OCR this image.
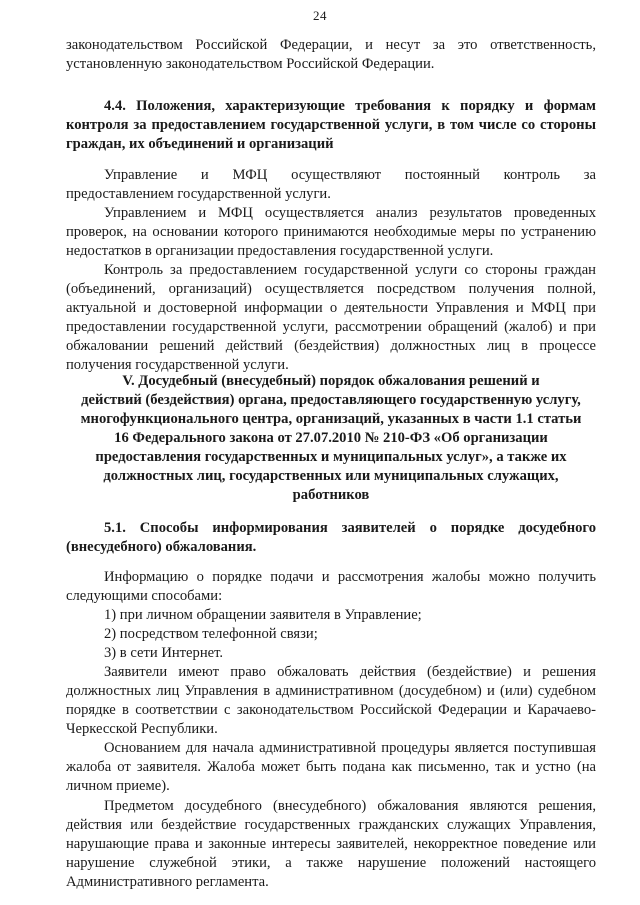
24
законодательством Российской Федерации, и несут за это ответственность,
установленную законодательством Российской Федерации.

4.4. Положения, характеризующие требования к порядку и формам контроля за предоставлением государственной услуги, в том числе со стороны граждан, их объединений и организаций

Управление    и    МФЦ    осуществляют    постоянный    контроль    за
предоставлением государственной услуги.

Управлением и МФЦ осуществляется анализ результатов проведенных проверок, на основании которого принимаются необходимые меры по устранению недостатков в организации предоставления государственной услуги.

Контроль за предоставлением государственной услуги со стороны граждан (объединений, организаций) осуществляется посредством получения полной, актуальной и достоверной информации о деятельности Управления и МФЦ при предоставлении государственной услуги, рассмотрении обращений (жалоб) и при обжаловании решений действий (бездействия) должностных лиц в процессе получения государственной услуги.

V. Досудебный (внесудебный) порядок обжалования решений и
действий (бездействия) органа, предоставляющего государственную услугу,
многофункционального центра, организаций, указанных в части 1.1 статьи
16 Федерального закона от 27.07.2010 № 210-ФЗ «Об организации
предоставления государственных и муниципальных услуг», а также их
должностных лиц, государственных или муниципальных служащих,
работников

5.1. Способы информирования заявителей о порядке досудебного (внесудебного) обжалования.

Информацию о порядке подачи и рассмотрения жалобы можно получить следующими способами:

1) при личном обращении заявителя в Управление;
2) посредством телефонной связи;
3) в сети Интернет.

Заявители имеют право обжаловать действия (бездействие) и решения должностных лиц Управления в административном (досудебном) и (или) судебном порядке в соответствии с законодательством Российской Федерации и Карачаево-Черкесской Республики.

Основанием для начала административной процедуры является поступившая жалоба от заявителя. Жалоба может быть подана как письменно, так и устно (на личном приеме).

Предметом досудебного (внесудебного) обжалования являются решения, действия или бездействие государственных гражданских служащих Управления, нарушающие права и законные интересы заявителей, некорректное поведение или нарушение служебной этики, а также нарушение положений настоящего Административного регламента.
